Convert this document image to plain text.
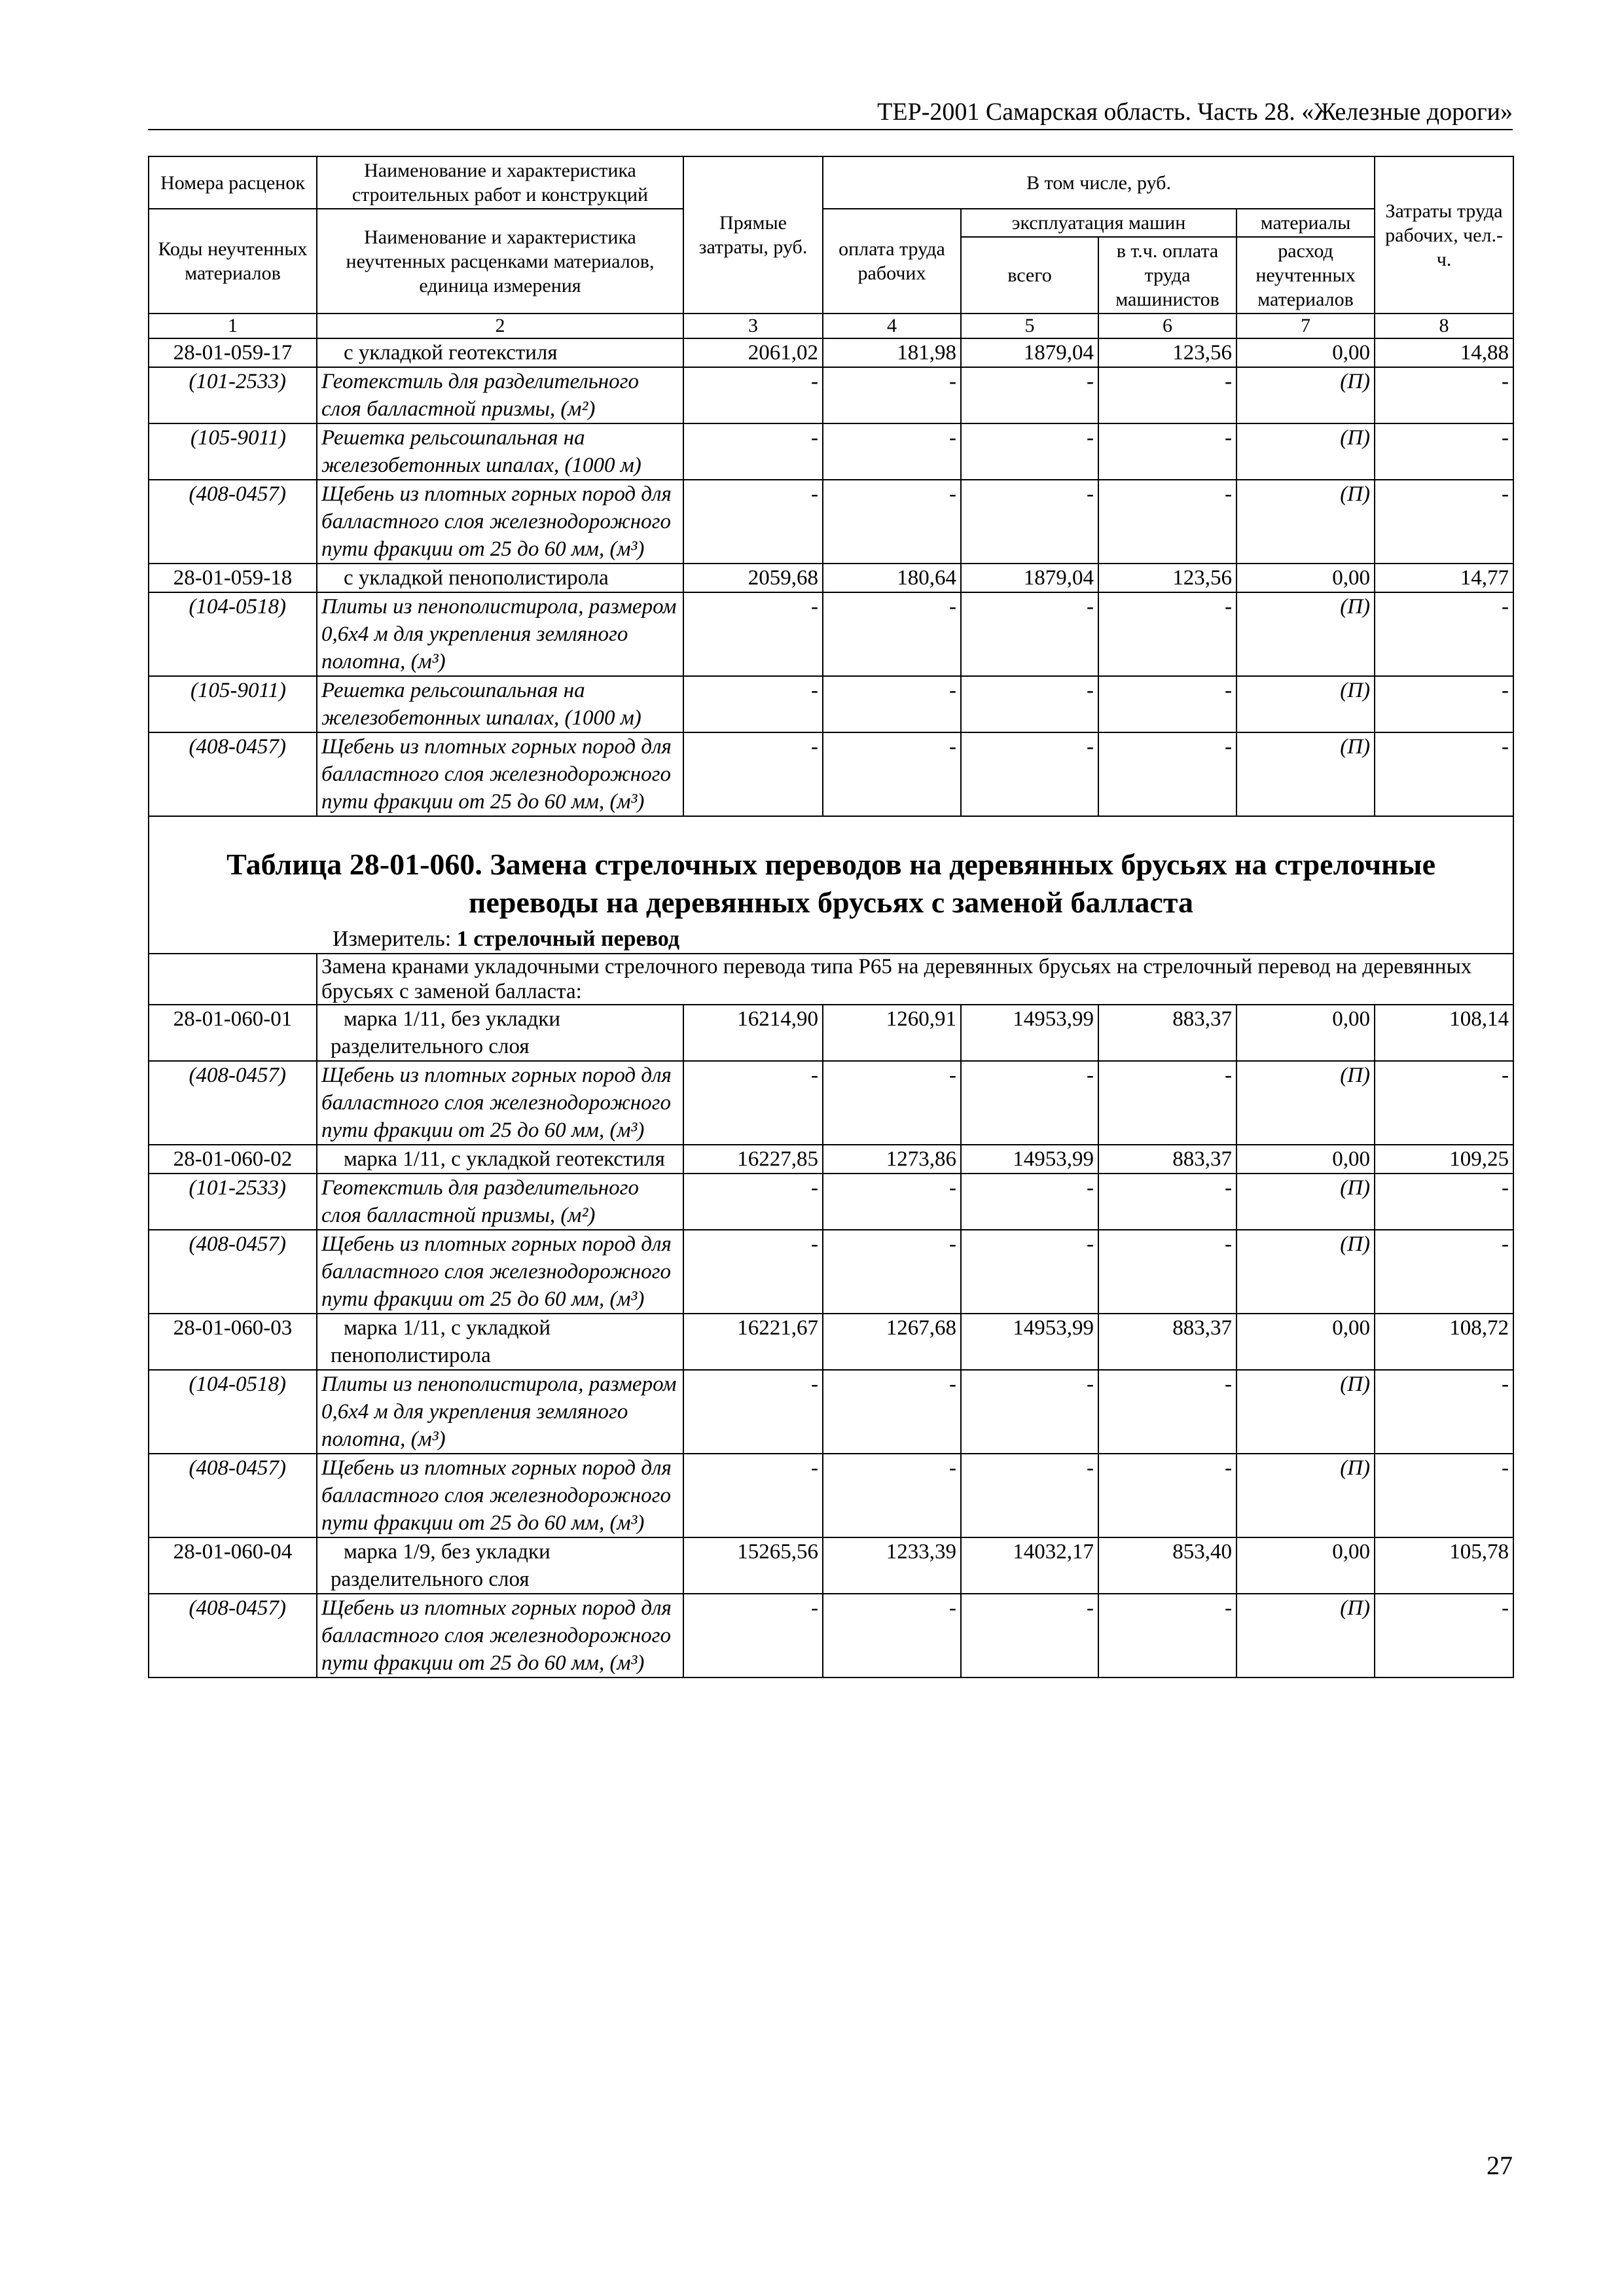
ТЕР-2001 Самарская область. Часть 28. «Железные дороги»
Номера расценок	Наименование и характеристика строительных работ и конструкций	Прямые затраты, руб.	В том числе, руб.				Затраты труда рабочих, чел.-ч.
Коды неучтенных материалов	Наименование и характеристика неучтенных расценками материалов, единица измерения		оплата труда рабочих	эксплуатация машин		материалы	
				всего	в т.ч. оплата труда машинистов	расход неучтенных материалов	
1	2	3	4	5	6	7	8
28-01-059-17	с укладкой геотекстиля	2061,02	181,98	1879,04	123,56	0,00	14,88
(101-2533)	Геотекстиль для разделительного слоя балластной призмы, (м²)	-	-	-	-	(П)	-
(105-9011)	Решетка рельсошпальная на железобетонных шпалах, (1000 м)	-	-	-	-	(П)	-
(408-0457)	Щебень из плотных горных пород для балластного слоя железнодорожного пути фракции от 25 до 60 мм, (м³)	-	-	-	-	(П)	-
28-01-059-18	с укладкой пенополистирола	2059,68	180,64	1879,04	123,56	0,00	14,77
(104-0518)	Плиты из пенополистирола, размером 0,6х4 м для укрепления земляного полотна, (м³)	-	-	-	-	(П)	-
(105-9011)	Решетка рельсошпальная на железобетонных шпалах, (1000 м)	-	-	-	-	(П)	-
(408-0457)	Щебень из плотных горных пород для балластного слоя железнодорожного пути фракции от 25 до 60 мм, (м³)	-	-	-	-	(П)	-
Таблица 28-01-060. Замена стрелочных переводов на деревянных брусьях на стрелочные переводы на деревянных брусьях с заменой балласта							
Измеритель: 1 стрелочный перевод							
	Замена кранами укладочными стрелочного перевода типа Р65 на деревянных брусьях на стрелочный перевод на деревянных брусьях с заменой балласта:						
28-01-060-01	марка 1/11, без укладки разделительного слоя	16214,90	1260,91	14953,99	883,37	0,00	108,14
(408-0457)	Щебень из плотных горных пород для балластного слоя железнодорожного пути фракции от 25 до 60 мм, (м³)	-	-	-	-	(П)	-
28-01-060-02	марка 1/11, с укладкой геотекстиля	16227,85	1273,86	14953,99	883,37	0,00	109,25
(101-2533)	Геотекстиль для разделительного слоя балластной призмы, (м²)	-	-	-	-	(П)	-
(408-0457)	Щебень из плотных горных пород для балластного слоя железнодорожного пути фракции от 25 до 60 мм, (м³)	-	-	-	-	(П)	-
28-01-060-03	марка 1/11, с укладкой пенополистирола	16221,67	1267,68	14953,99	883,37	0,00	108,72
(104-0518)	Плиты из пенополистирола, размером 0,6х4 м для укрепления земляного полотна, (м³)	-	-	-	-	(П)	-
(408-0457)	Щебень из плотных горных пород для балластного слоя железнодорожного пути фракции от 25 до 60 мм, (м³)	-	-	-	-	(П)	-
28-01-060-04	марка 1/9, без укладки разделительного слоя	15265,56	1233,39	14032,17	853,40	0,00	105,78
(408-0457)	Щебень из плотных горных пород для балластного слоя железнодорожного пути фракции от 25 до 60 мм, (м³)	-	-	-	-	(П)	-
27
